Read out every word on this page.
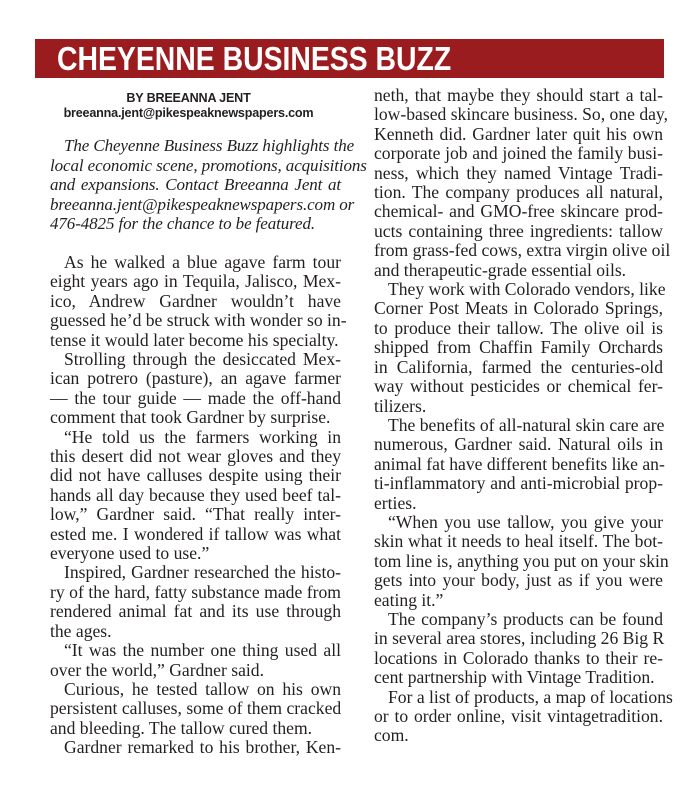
CHEYENNE BUSINESS BUZZ
BY BREEANNA JENT
breeanna.jent@pikespeaknewspapers.com
The Cheyenne Business Buzz highlights the
local economic scene, promotions, acquisitions
and expansions. Contact Breeanna Jent at
breeanna.jent@pikespeaknewspapers.com or
476-4825 for the chance to be featured.
As he walked a blue agave farm tour
eight years ago in Tequila, Jalisco, Mex-
ico, Andrew Gardner wouldn’t have
guessed he’d be struck with wonder so in-
tense it would later become his specialty.
Strolling through the desiccated Mex-
ican potrero (pasture), an agave farmer
— the tour guide — made the off-hand
comment that took Gardner by surprise.
“He told us the farmers working in
this desert did not wear gloves and they
did not have calluses despite using their
hands all day because they used beef tal-
low,” Gardner said. “That really inter-
ested me. I wondered if tallow was what
everyone used to use.”
Inspired, Gardner researched the histo-
ry of the hard, fatty substance made from
rendered animal fat and its use through
the ages.
“It was the number one thing used all
over the world,” Gardner said.
Curious, he tested tallow on his own
persistent calluses, some of them cracked
and bleeding. The tallow cured them.
Gardner remarked to his brother, Ken-
neth, that maybe they should start a tal-
low-based skincare business. So, one day,
Kenneth did. Gardner later quit his own
corporate job and joined the family busi-
ness, which they named Vintage Tradi-
tion. The company produces all natural,
chemical- and GMO-free skincare prod-
ucts containing three ingredients: tallow
from grass-fed cows, extra virgin olive oil
and therapeutic-grade essential oils.
They work with Colorado vendors, like
Corner Post Meats in Colorado Springs,
to produce their tallow. The olive oil is
shipped from Chaffin Family Orchards
in California, farmed the centuries-old
way without pesticides or chemical fer-
tilizers.
The benefits of all-natural skin care are
numerous, Gardner said. Natural oils in
animal fat have different benefits like an-
ti-inflammatory and anti-microbial prop-
erties.
“When you use tallow, you give your
skin what it needs to heal itself. The bot-
tom line is, anything you put on your skin
gets into your body, just as if you were
eating it.”
The company’s products can be found
in several area stores, including 26 Big R
locations in Colorado thanks to their re-
cent partnership with Vintage Tradition.
For a list of products, a map of locations
or to order online, visit vintagetradition.
com.
